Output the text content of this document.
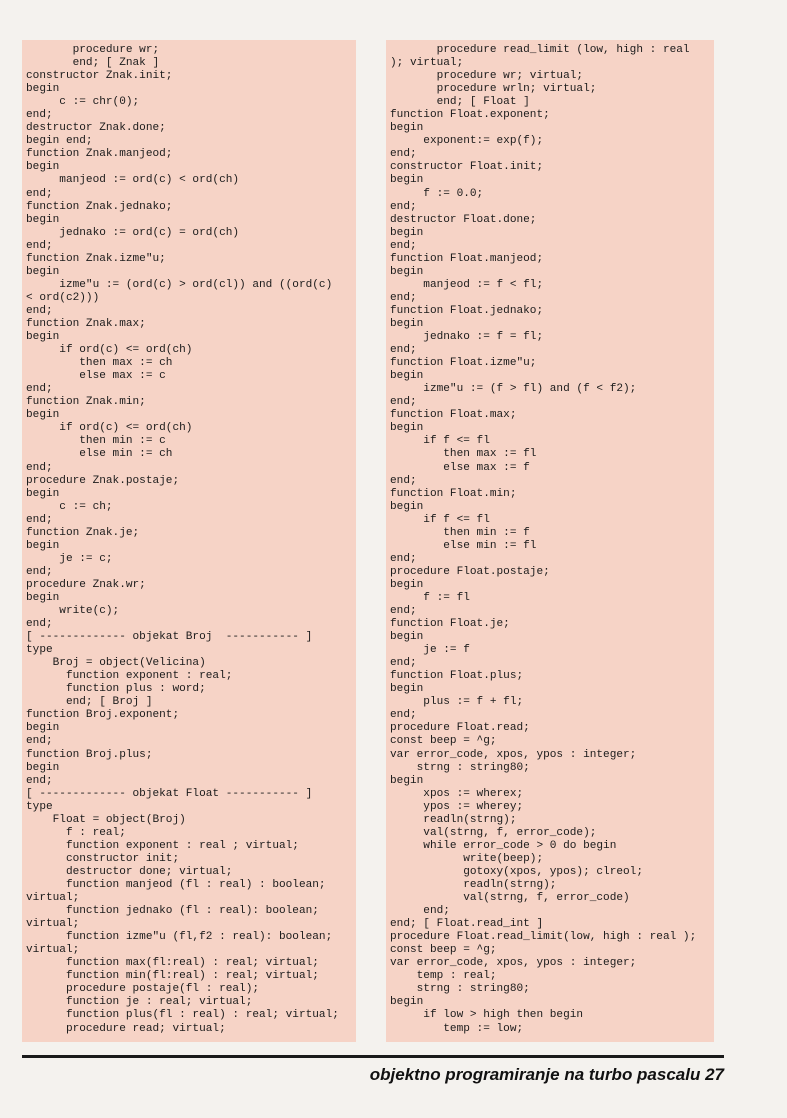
procedure wr;
end; [ Znak ]
constructor Znak.init;
begin
c := chr(0);
end;
destructor Znak.done;
begin end;
function Znak.manjeod;
begin
manjeod := ord(c) < ord(ch)
end;
function Znak.jednako;
begin
jednako := ord(c) = ord(ch)
end;
function Znak.izme"u;
begin
izme"u := (ord(c) > ord(cl)) and ((ord(c)
< ord(c2)))
end;
function Znak.max;
begin
if ord(c) <= ord(ch)
then max := ch
else max := c
end;
function Znak.min;
begin
if ord(c) <= ord(ch)
then min := c
else min := ch
end;
procedure Znak.postaje;
begin
c := ch;
end;
function Znak.je;
begin
je := c;
end;
procedure Znak.wr;
begin
write(c);
end;
[ ------------- objekat Broj  ----------- ]
type
Broj = object(Velicina)
function exponent : real;
function plus : word;
end; [ Broj ]
function Broj.exponent;
begin
end;
function Broj.plus;
begin
end;
[ ------------- objekat Float ----------- ]
type
Float = object(Broj)
f : real;
function exponent : real ; virtual;
constructor init;
destructor done; virtual;
function manjeod (fl : real) : boolean;
virtual;
function jednako (fl : real): boolean;
virtual;
function izme"u (fl,f2 : real): boolean;
virtual;
function max(fl:real) : real; virtual;
function min(fl:real) : real; virtual;
procedure postaje(fl : real);
function je : real; virtual;
function plus(fl : real) : real; virtual;
procedure read; virtual;

procedure read_limit (low, high : real
); virtual;
procedure wr; virtual;
procedure wrln; virtual;
end; [ Float ]
function Float.exponent;
begin
exponent:= exp(f);
end;
constructor Float.init;
begin
f := 0.0;
end;
destructor Float.done;
begin
end;
function Float.manjeod;
begin
manjeod := f < fl;
end;
function Float.jednako;
begin
jednako := f = fl;
end;
function Float.izme"u;
begin
izme"u := (f > fl) and (f < f2);
end;
function Float.max;
begin
if f <= fl
then max := fl
else max := f
end;
function Float.min;
begin
if f <= fl
then min := f
else min := fl
end;
procedure Float.postaje;
begin
f := fl
end;
function Float.je;
begin
je := f
end;
function Float.plus;
begin
plus := f + fl;
end;
procedure Float.read;
const beep = ^g;
var error_code, xpos, ypos : integer;
strng : string80;
begin
xpos := wherex;
ypos := wherey;
readln(strng);
val(strng, f, error_code);
while error_code > 0 do begin
write(beep);
gotoxy(xpos, ypos); clreol;
readln(strng);
val(strng, f, error_code)
end;
end; [ Float.read_int ]
procedure Float.read_limit(low, high : real );
const beep = ^g;
var error_code, xpos, ypos : integer;
temp : real;
strng : string80;
begin
if low > high then begin
temp := low;

objektno programiranje na turbo pascalu 27
